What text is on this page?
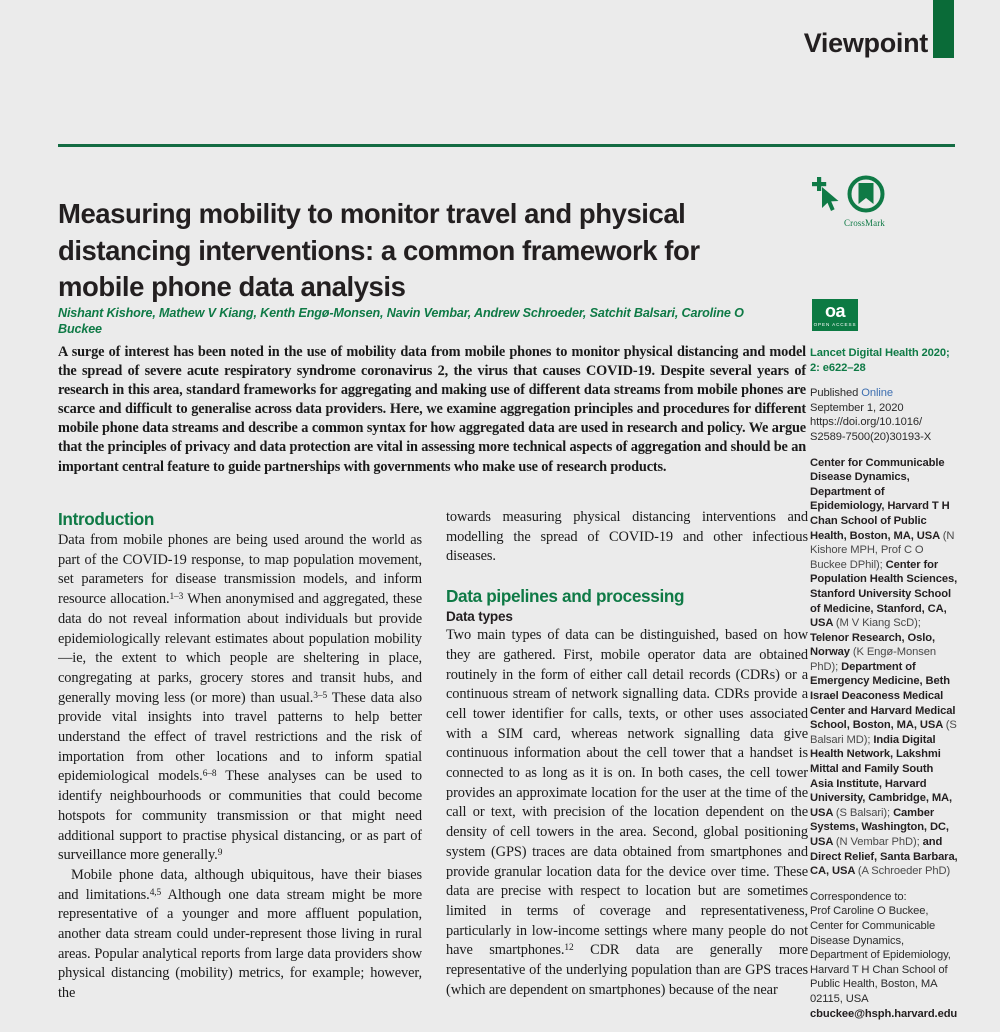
Viewpoint
Measuring mobility to monitor travel and physical distancing interventions: a common framework for mobile phone data analysis
Nishant Kishore, Mathew V Kiang, Kenth Engø-Monsen, Navin Vembar, Andrew Schroeder, Satchit Balsari, Caroline O Buckee
CrossMark
oa
OPEN ACCESS
A surge of interest has been noted in the use of mobility data from mobile phones to monitor physical distancing and model the spread of severe acute respiratory syndrome coronavirus 2, the virus that causes COVID-19. Despite several years of research in this area, standard frameworks for aggregating and making use of different data streams from mobile phones are scarce and difficult to generalise across data providers. Here, we examine aggregation principles and procedures for different mobile phone data streams and describe a common syntax for how aggregated data are used in research and policy. We argue that the principles of privacy and data protection are vital in assessing more technical aspects of aggregation and should be an important central feature to guide partnerships with governments who make use of research products.
Introduction

Data from mobile phones are being used around the world as part of the COVID-19 response, to map population movement, set parameters for disease transmission models, and inform resource allocation.$^{1-3}$ When anonymised and aggregated, these data do not reveal information about individuals but provide epidemiologically relevant estimates about population mobility—ie, the extent to which people are sheltering in place, congregating at parks, grocery stores and transit hubs, and generally moving less (or more) than usual.$^{3-5}$ These data also provide vital insights into travel patterns to help better understand the effect of travel restrictions and the risk of importation from other locations and to inform spatial epidemiological models.$^{6-8}$ These analyses can be used to identify neighbourhoods or communities that could become hotspots for community transmission or that might need additional support to practise physical distancing, or as part of surveillance more generally.$^9$

Mobile phone data, although ubiquitous, have their biases and limitations.$^{4,5}$ Although one data stream might be more representative of a younger and more affluent population, another data stream could under-represent those living in rural areas. Popular analytical reports from large data providers show physical distancing (mobility) metrics, for example; however, the

towards measuring physical distancing interventions and modelling the spread of COVID-19 and other infectious diseases.

Data pipelines and processing
Data types

Two main types of data can be distinguished, based on how they are gathered. First, mobile operator data are obtained routinely in the form of either call detail records (CDRs) or a continuous stream of network signalling data. CDRs provide a cell tower identifier for calls, texts, or other uses associated with a SIM card, whereas network signalling data give continuous information about the cell tower that a handset is connected to as long as it is on. In both cases, the cell tower provides an approximate location for the user at the time of the call or text, with precision of the location dependent on the density of cell towers in the area. Second, global positioning system (GPS) traces are data obtained from smartphones and provide granular location data for the device over time. These data are precise with respect to location but are sometimes limited in terms of coverage and representativeness, particularly in low-income settings where many people do not have smartphones.$^{12}$ CDR data are generally more representative of the underlying population than are GPS traces (which are dependent on smartphones) because of the near

Lancet Digital Health 2020;
2: e622–28
Published Online
September 1, 2020
https://doi.org/10.1016/
S2589-7500(20)30193-X
Center for Communicable Disease Dynamics, Department of Epidemiology, Harvard T H Chan School of Public Health, Boston, MA, USA (N Kishore MPH, Prof C O Buckee DPhil); Center for Population Health Sciences, Stanford University School of Medicine, Stanford, CA, USA (M V Kiang ScD); Telenor Research, Oslo, Norway (K Engø-Monsen PhD); Department of Emergency Medicine, Beth Israel Deaconess Medical Center and Harvard Medical School, Boston, MA, USA (S Balsari MD); India Digital Health Network, Lakshmi Mittal and Family South Asia Institute, Harvard University, Cambridge, MA, USA (S Balsari); Camber Systems, Washington, DC, USA (N Vembar PhD); and Direct Relief, Santa Barbara, CA, USA (A Schroeder PhD)
Correspondence to:
Prof Caroline O Buckee, Center for Communicable Disease Dynamics, Department of Epidemiology, Harvard T H Chan School of Public Health, Boston, MA 02115, USA
cbuckee@hsph.harvard.edu
